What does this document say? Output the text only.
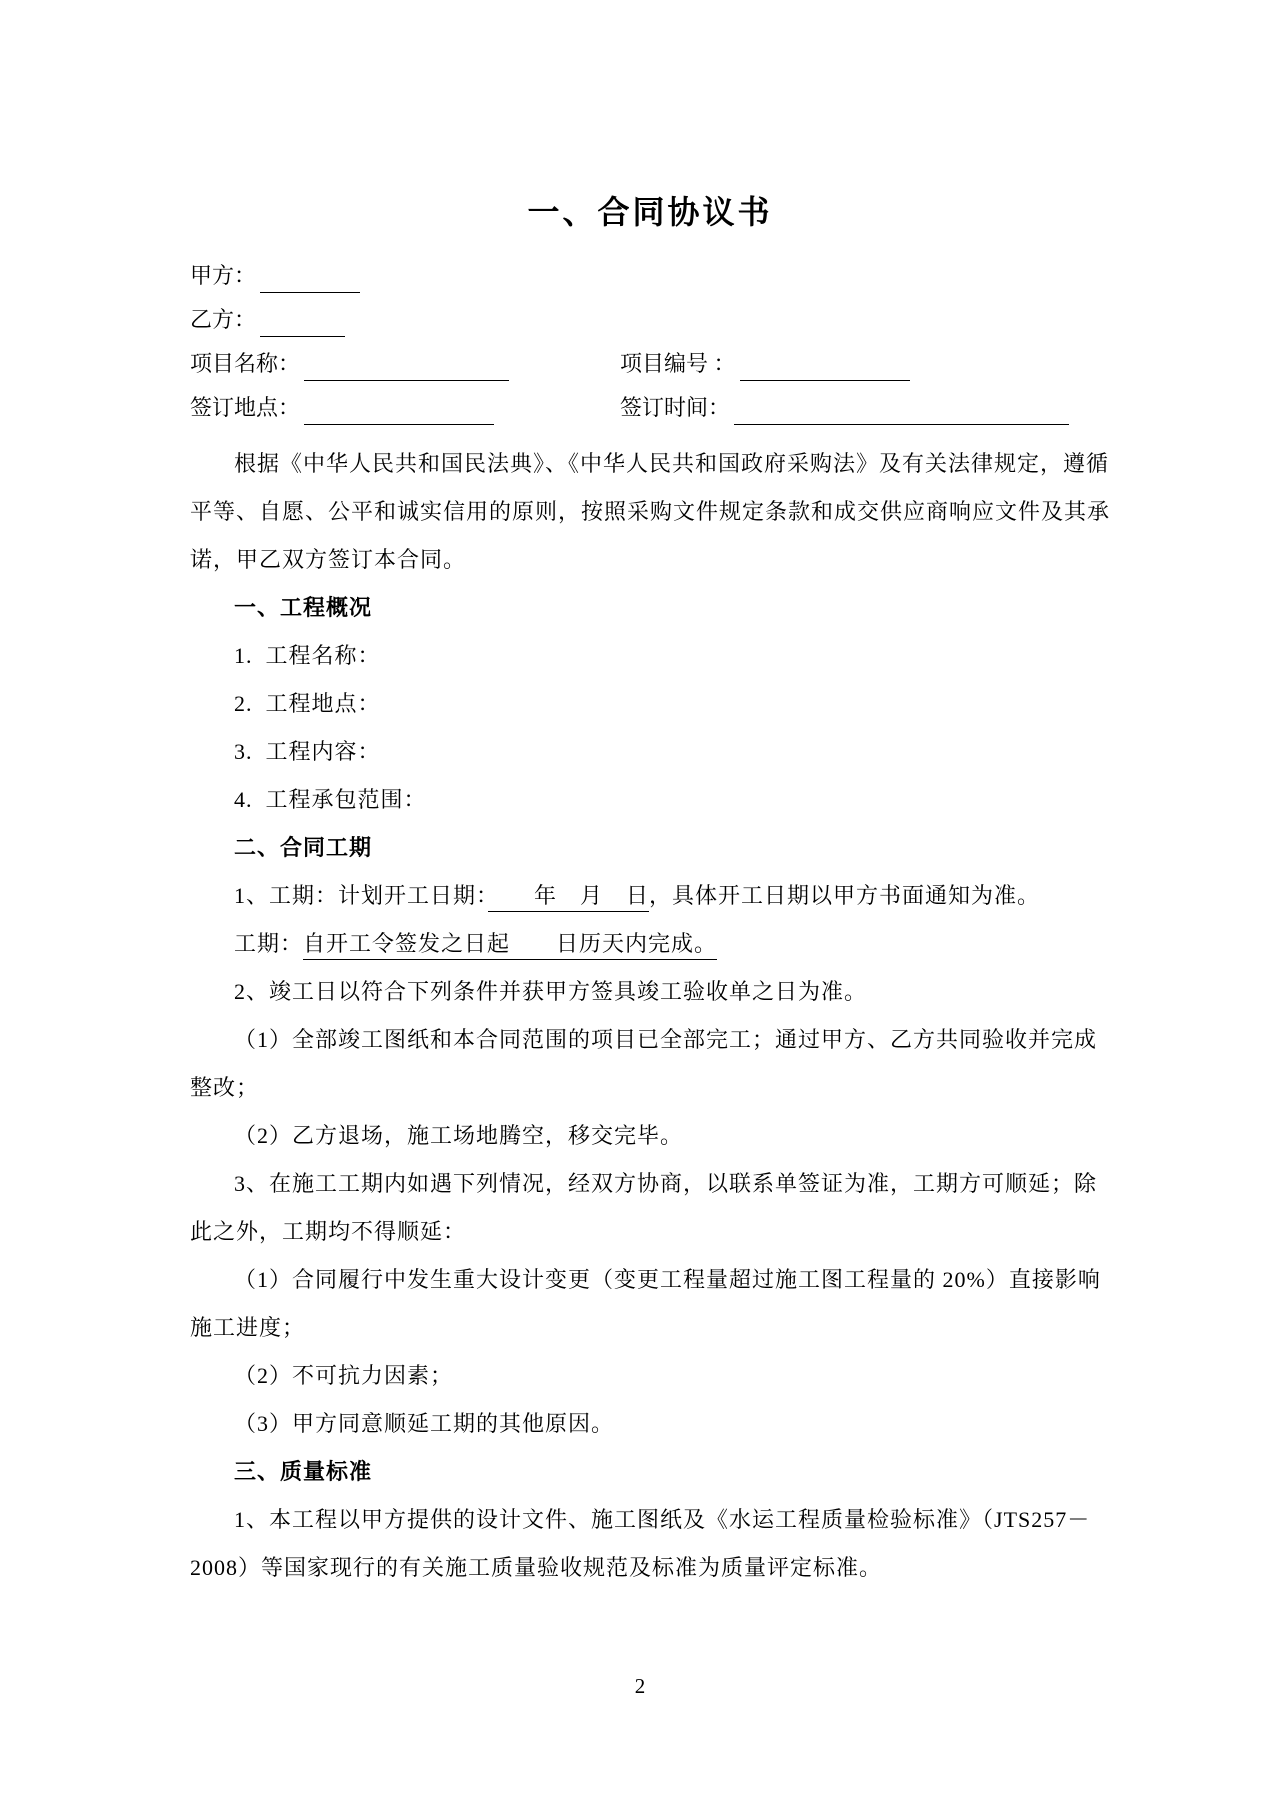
一、合同协议书
甲方：
乙方：
项目名称：	项目编号 ：
签订地点：	签订时间：
根据《中华人民共和国民法典》、《中华人民共和国政府采购法》及有关法律规定，遵循
平等、自愿、公平和诚实信用的原则，按照采购文件规定条款和成交供应商响应文件及其承
诺，甲乙双方签订本合同。
一、工程概况
1.  工程名称：
2.  工程地点：
3.  工程内容：
4.  工程承包范围：
二、合同工期
1、工期：计划开工日期：　　年　月　日，具体开工日期以甲方书面通知为准。
工期：自开工令签发之日起　　日历天内完成。
2、竣工日以符合下列条件并获甲方签具竣工验收单之日为准。
（1）全部竣工图纸和本合同范围的项目已全部完工；通过甲方、乙方共同验收并完成
整改；
（2）乙方退场，施工场地腾空，移交完毕。
3、在施工工期内如遇下列情况，经双方协商，以联系单签证为准，工期方可顺延；除
此之外，工期均不得顺延：
（1）合同履行中发生重大设计变更（变更工程量超过施工图工程量的 20%）直接影响
施工进度；
（2）不可抗力因素；
（3）甲方同意顺延工期的其他原因。
三、质量标准
1、本工程以甲方提供的设计文件、施工图纸及《水运工程质量检验标准》（JTS257－
2008）等国家现行的有关施工质量验收规范及标准为质量评定标准。
2
